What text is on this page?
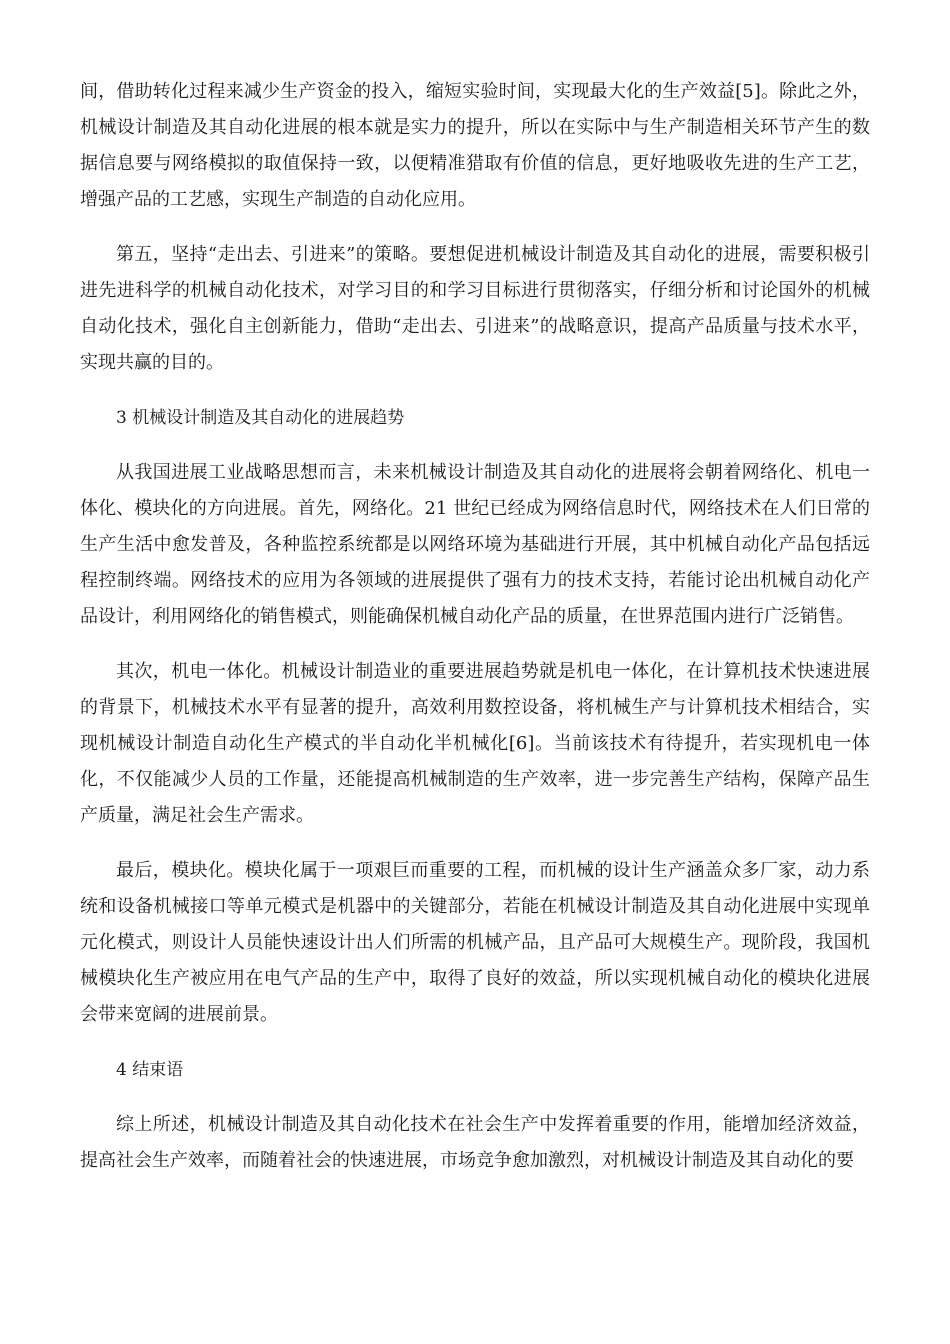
间，借助转化过程来减少生产资金的投入，缩短实验时间，实现最大化的生产效益[5]。除此之外，机械设计制造及其自动化进展的根本就是实力的提升，所以在实际中与生产制造相关环节产生的数据信息要与网络模拟的取值保持一致，以便精准猎取有价值的信息，更好地吸收先进的生产工艺，增强产品的工艺感，实现生产制造的自动化应用。

第五，坚持“走出去、引进来”的策略。要想促进机械设计制造及其自动化的进展，需要积极引进先进科学的机械自动化技术，对学习目的和学习目标进行贯彻落实，仔细分析和讨论国外的机械自动化技术，强化自主创新能力，借助“走出去、引进来”的战略意识，提高产品质量与技术水平，实现共赢的目的。

3 机械设计制造及其自动化的进展趋势

从我国进展工业战略思想而言，未来机械设计制造及其自动化的进展将会朝着网络化、机电一体化、模块化的方向进展。首先，网络化。21 世纪已经成为网络信息时代，网络技术在人们日常的生产生活中愈发普及，各种监控系统都是以网络环境为基础进行开展，其中机械自动化产品包括远程控制终端。网络技术的应用为各领域的进展提供了强有力的技术支持，若能讨论出机械自动化产品设计，利用网络化的销售模式，则能确保机械自动化产品的质量，在世界范围内进行广泛销售。

其次，机电一体化。机械设计制造业的重要进展趋势就是机电一体化，在计算机技术快速进展的背景下，机械技术水平有显著的提升，高效利用数控设备，将机械生产与计算机技术相结合，实现机械设计制造自动化生产模式的半自动化半机械化[6]。当前该技术有待提升，若实现机电一体化，不仅能减少人员的工作量，还能提高机械制造的生产效率，进一步完善生产结构，保障产品生产质量，满足社会生产需求。

最后，模块化。模块化属于一项艰巨而重要的工程，而机械的设计生产涵盖众多厂家，动力系统和设备机械接口等单元模式是机器中的关键部分，若能在机械设计制造及其自动化进展中实现单元化模式，则设计人员能快速设计出人们所需的机械产品，且产品可大规模生产。现阶段，我国机械模块化生产被应用在电气产品的生产中，取得了良好的效益，所以实现机械自动化的模块化进展会带来宽阔的进展前景。

4 结束语

综上所述，机械设计制造及其自动化技术在社会生产中发挥着重要的作用，能增加经济效益，提高社会生产效率，而随着社会的快速进展，市场竞争愈加激烈，对机械设计制造及其自动化的要
